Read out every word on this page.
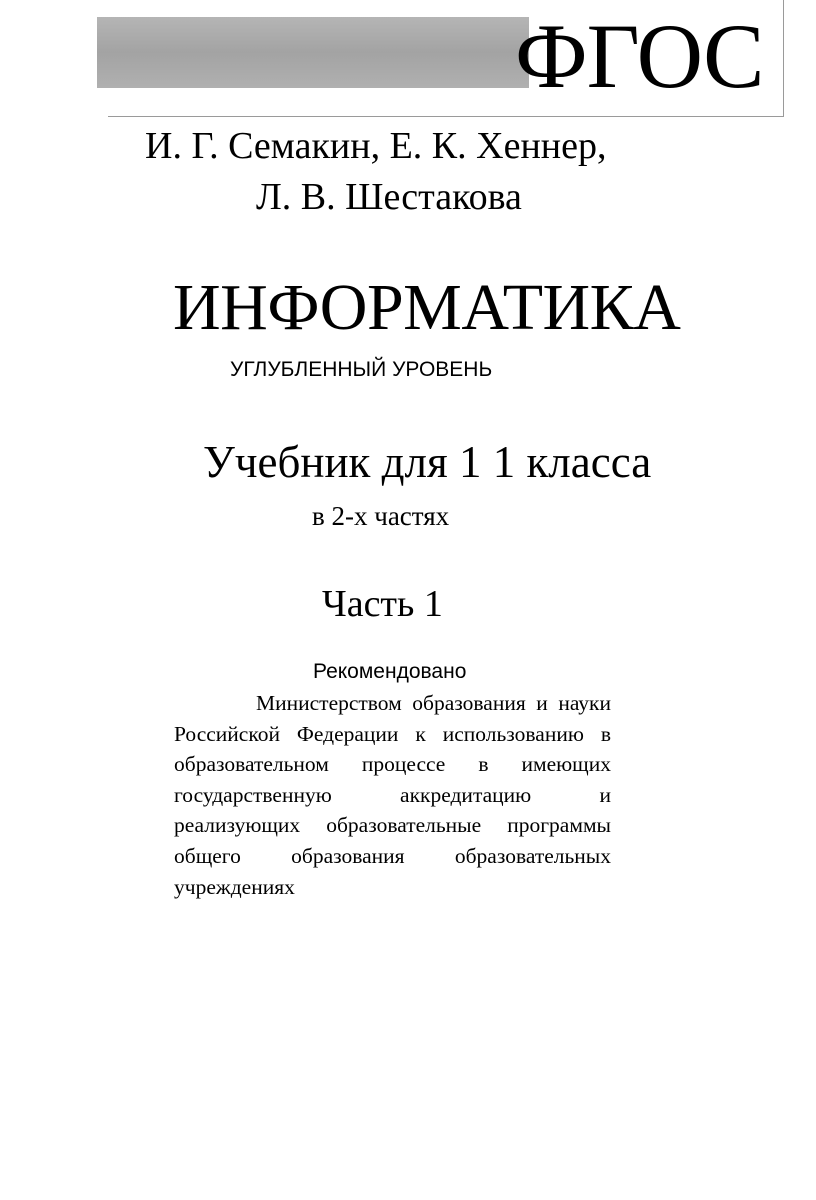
ФГОС
И. Г. Семакин, Е. К. Хеннер,
Л. В. Шестакова
ИНФОРМАТИКА
УГЛУБЛЕННЫЙ УРОВЕНЬ
Учебник для 1 1 класса
в 2-х частях
Часть 1
Рекомендовано
Министерством образования и науки Российской Федерации к использованию в образовательном процессе в имеющих государственную аккредитацию и реализующих образовательные программы общего образования образовательных учреждениях
